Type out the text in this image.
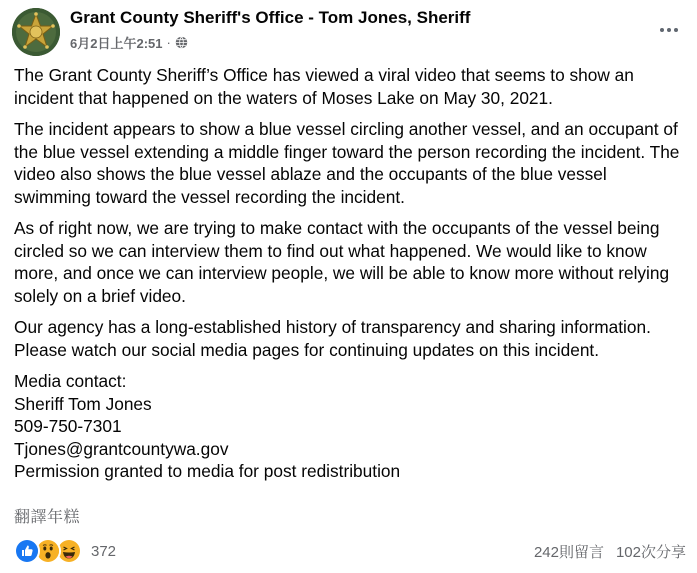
Grant County Sheriff's Office - Tom Jones, Sheriff
6月2日上午2:51 ·

The Grant County Sheriff’s Office has viewed a viral video that seems to show an incident that happened on the waters of Moses Lake on May 30, 2021.

The incident appears to show a blue vessel circling another vessel, and an occupant of the blue vessel extending a middle finger toward the person recording the incident. The video also shows the blue vessel ablaze and the occupants of the blue vessel swimming toward the vessel recording the incident.

As of right now, we are trying to make contact with the occupants of the vessel being circled so we can interview them to find out what happened. We would like to know more, and once we can interview people, we will be able to know more without relying solely on a brief video.

Our agency has a long-established history of transparency and sharing information. Please watch our social media pages for continuing updates on this incident.

Media contact:
Sheriff Tom Jones
509-750-7301
Tjones@grantcountywa.gov
Permission granted to media for post redistribution
翻譯年糕
372	242則留言 102次分享
